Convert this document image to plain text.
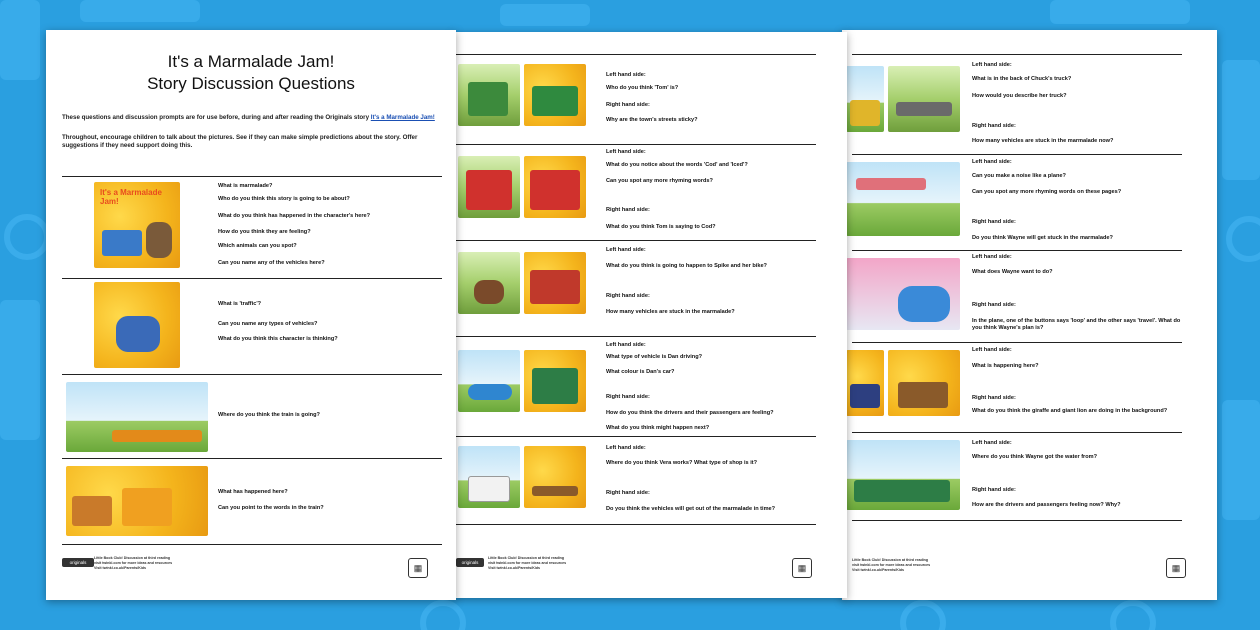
It's a Marmalade Jam!
Story Discussion Questions
These questions and discussion prompts are for use before, during and after reading the Originals story It's a Marmalade Jam!
Throughout, encourage children to talk about the pictures. See if they can make simple predictions about the story. Offer suggestions if they need support doing this.
It's a Marmalade Jam!
What is marmalade?
Who do you think this story is going to be about?
What do you think has happened in the character's here?
How do you think they are feeling?
Which animals can you spot?
Can you name any of the vehicles here?
What is 'traffic'?
Can you name any types of vehicles?
What do you think this character is thinking?
Where do you think the train is going?
What has happened here?
Can you point to the words in the train?
originals
Little Book Club! Discussion at third reading
visit twinkl.com for more ideas and resources
Visit twinkl.co.uk/Parents/Kids	▦
Left hand side:
Who do you think 'Tom' is?
Right hand side:
Why are the town's streets sticky?
Left hand side:
What do you notice about the words 'Cod' and 'Iced'?
Can you spot any more rhyming words?
Right hand side:
What do you think Tom is saying to Cod?
Left hand side:
What do you think is going to happen to Spike and her bike?
Right hand side:
How many vehicles are stuck in the marmalade?
Left hand side:
What type of vehicle is Dan driving?
What colour is Dan's car?
Right hand side:
How do you think the drivers and their passengers are feeling?
What do you think might happen next?
Left hand side:
Where do you think Vera works? What type of shop is it?
Right hand side:
Do you think the vehicles will get out of the marmalade in time?
originals
Little Book Club! Discussion at third reading
visit twinkl.com for more ideas and resources
Visit twinkl.co.uk/Parents/Kids	▦
Left hand side:
What is in the back of Chuck's truck?
How would you describe her truck?
Right hand side:
How many vehicles are stuck in the marmalade now?
Left hand side:
Can you make a noise like a plane?
Can you spot any more rhyming words on these pages?
Right hand side:
Do you think Wayne will get stuck in the marmalade?
Left hand side:
What does Wayne want to do?
Right hand side:
In the plane, one of the buttons says 'loop' and the other says 'travel'. What do you think Wayne's plan is?
Left hand side:
What is happening here?
Right hand side:
What do you think the giraffe and giant lion are doing in the background?
Left hand side:
Where do you think Wayne got the water from?
Right hand side:
How are the drivers and passengers feeling now? Why?
Little Book Club! Discussion at third reading
visit twinkl.com for more ideas and resources
Visit twinkl.co.uk/Parents/Kids	▦
